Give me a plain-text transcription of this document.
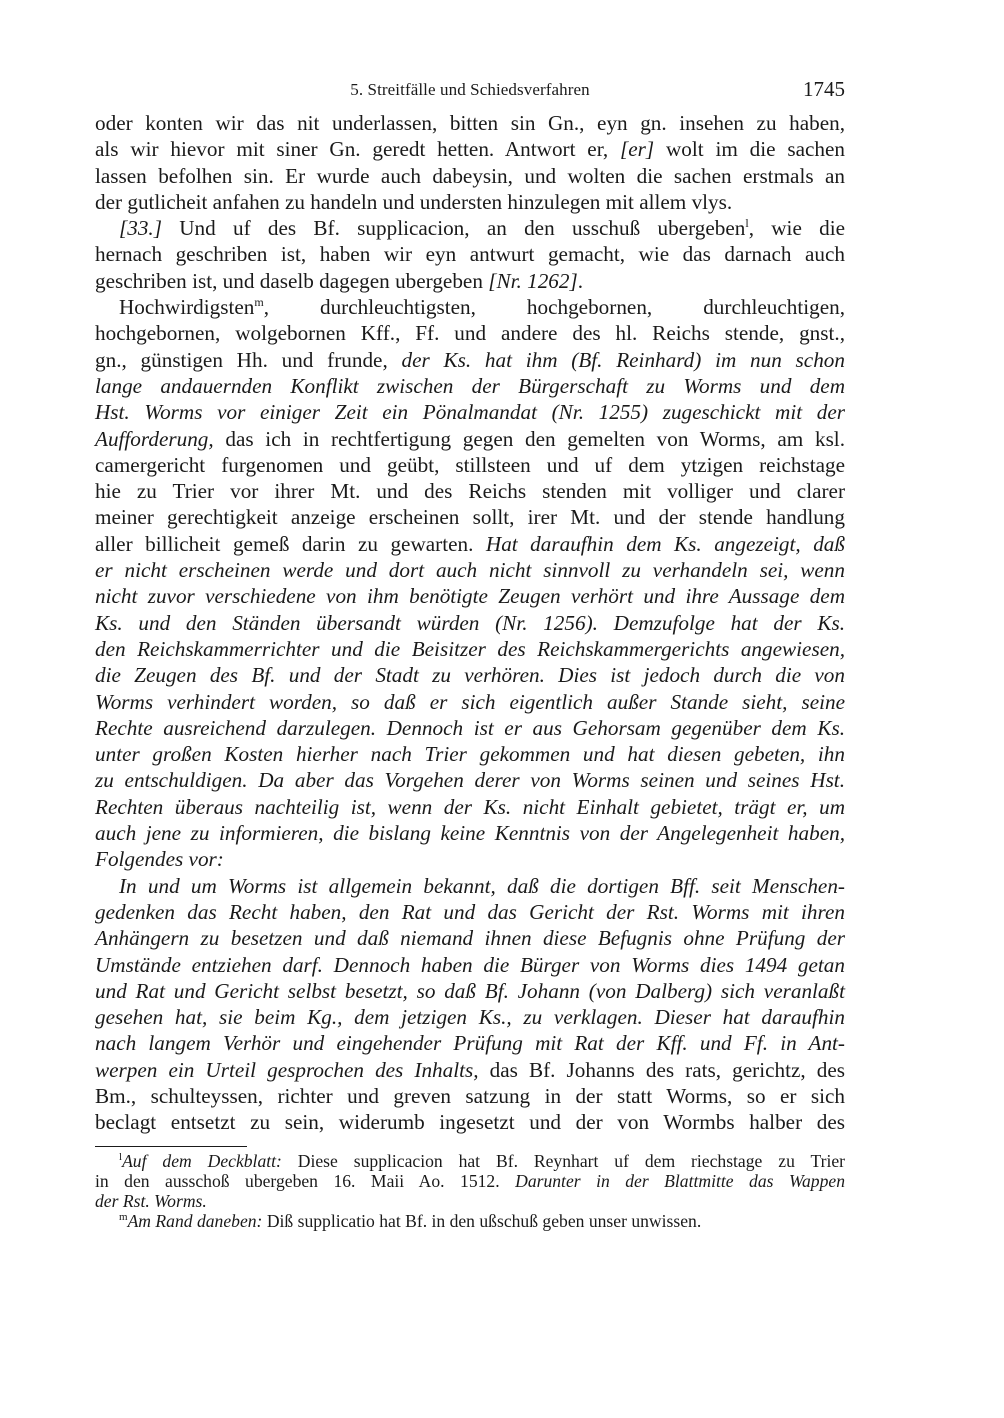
5. Streitfälle und Schiedsverfahren	1745
oder konten wir das nit underlassen, bitten sin Gn., eyn gn. insehen zu haben,
als wir hievor mit siner Gn. geredt hetten. Antwort er, [er] wolt im die sachen
lassen befolhen sin. Er wurde auch dabeysin, und wolten die sachen erstmals an
der gutlicheit anfahen zu handeln und understen hinzulegen mit allem vlys.
[33.] Und uf des Bf. supplicacion, an den usschuß ubergeben$^l$, wie die
hernach geschriben ist, haben wir eyn antwurt gemacht, wie das darnach auch
geschriben ist, und daselb dagegen ubergeben [Nr. 1262].
Hochwirdigsten$^m$, durchleuchtigsten, hochgebornen, durchleuchtigen,
hochgebornen, wolgebornen Kff., Ff. und andere des hl. Reichs stende, gnst.,
gn., günstigen Hh. und frunde, der Ks. hat ihm (Bf. Reinhard) im nun schon
lange andauernden Konflikt zwischen der Bürgerschaft zu Worms und dem
Hst. Worms vor einiger Zeit ein Pönalmandat (Nr. 1255) zugeschickt mit der
Aufforderung, das ich in rechtfertigung gegen den gemelten von Worms, am ksl.
camergericht furgenomen und geübt, stillsteen und uf dem ytzigen reichstage
hie zu Trier vor ihrer Mt. und des Reichs stenden mit volliger und clarer
meiner gerechtigkeit anzeige erscheinen sollt, irer Mt. und der stende handlung
aller billicheit gemeß darin zu gewarten. Hat daraufhin dem Ks. angezeigt, daß
er nicht erscheinen werde und dort auch nicht sinnvoll zu verhandeln sei, wenn
nicht zuvor verschiedene von ihm benötigte Zeugen verhört und ihre Aussage dem
Ks. und den Ständen übersandt würden (Nr. 1256). Demzufolge hat der Ks.
den Reichskammerrichter und die Beisitzer des Reichskammergerichts angewiesen,
die Zeugen des Bf. und der Stadt zu verhören. Dies ist jedoch durch die von
Worms verhindert worden, so daß er sich eigentlich außer Stande sieht, seine
Rechte ausreichend darzulegen. Dennoch ist er aus Gehorsam gegenüber dem Ks.
unter großen Kosten hierher nach Trier gekommen und hat diesen gebeten, ihn
zu entschuldigen. Da aber das Vorgehen derer von Worms seinen und seines Hst.
Rechten überaus nachteilig ist, wenn der Ks. nicht Einhalt gebietet, trägt er, um
auch jene zu informieren, die bislang keine Kenntnis von der Angelegenheit haben,
Folgendes vor:
In und um Worms ist allgemein bekannt, daß die dortigen Bff. seit Menschen-
gedenken das Recht haben, den Rat und das Gericht der Rst. Worms mit ihren
Anhängern zu besetzen und daß niemand ihnen diese Befugnis ohne Prüfung der
Umstände entziehen darf. Dennoch haben die Bürger von Worms dies 1494 getan
und Rat und Gericht selbst besetzt, so daß Bf. Johann (von Dalberg) sich veranlaßt
gesehen hat, sie beim Kg., dem jetzigen Ks., zu verklagen. Dieser hat daraufhin
nach langem Verhör und eingehender Prüfung mit Rat der Kff. und Ff. in Ant-
werpen ein Urteil gesprochen des Inhalts, das Bf. Johanns des rats, gerichtz, des
Bm., schulteyssen, richter und greven satzung in der statt Worms, so er sich
beclagt entsetzt zu sein, widerumb ingesetzt und der von Wormbs halber des
$^l$Auf dem Deckblatt: Diese supplicacion hat Bf. Reynhart uf dem riechstage zu Trier
in den ausschoß ubergeben 16. Maii Ao. 1512. Darunter in der Blattmitte das Wappen
der Rst. Worms.
$^m$Am Rand daneben: Diß supplicatio hat Bf. in den ußschuß geben unser unwissen.
